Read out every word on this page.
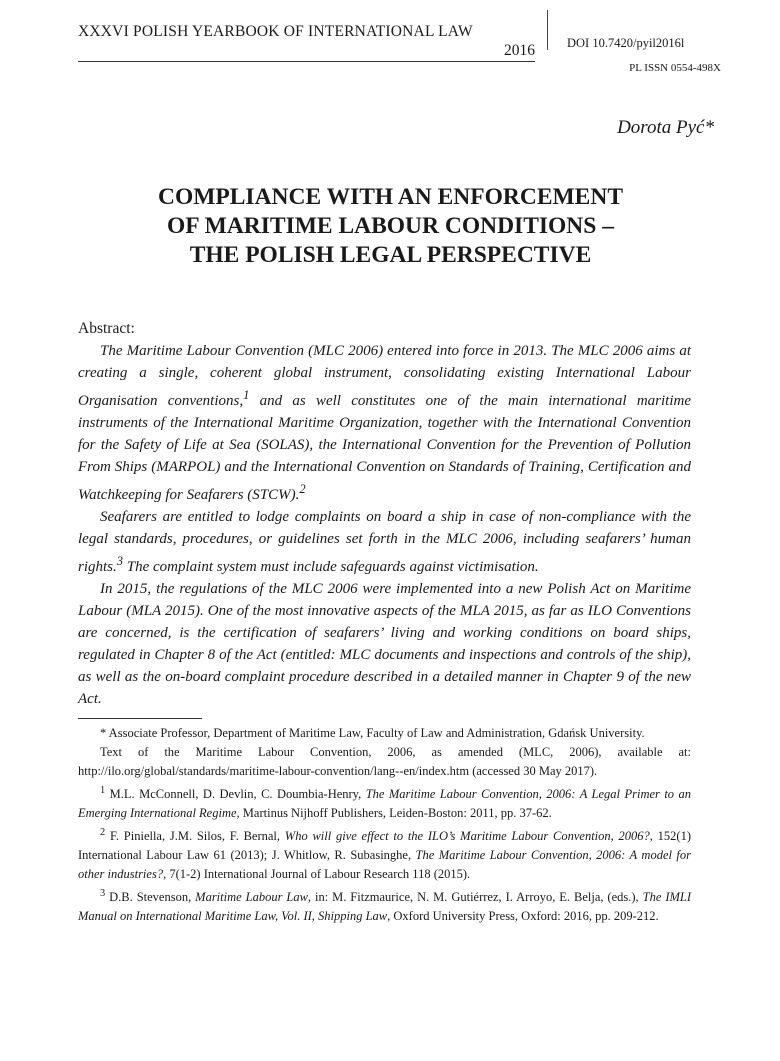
XXXVI POLISH YEARBOOK OF INTERNATIONAL LAW
2016	DOI 10.7420/pyil2016l
PL ISSN 0554-498X
Dorota Pyć*
COMPLIANCE WITH AN ENFORCEMENT
OF MARITIME LABOUR CONDITIONS –
THE POLISH LEGAL PERSPECTIVE
Abstract:

The Maritime Labour Convention (MLC 2006) entered into force in 2013. The MLC 2006 aims at creating a single, coherent global instrument, consolidating existing International Labour Organisation conventions,$^1$ and as well constitutes one of the main international maritime instruments of the International Maritime Organization, together with the International Convention for the Safety of Life at Sea (SOLAS), the International Convention for the Prevention of Pollution From Ships (MARPOL) and the International Convention on Standards of Training, Certification and Watchkeeping for Seafarers (STCW).$^2$

Seafarers are entitled to lodge complaints on board a ship in case of non-compliance with the legal standards, procedures, or guidelines set forth in the MLC 2006, including seafarers’ human rights.$^3$ The complaint system must include safeguards against victimisation.

In 2015, the regulations of the MLC 2006 were implemented into a new Polish Act on Maritime Labour (MLA 2015). One of the most innovative aspects of the MLA 2015, as far as ILO Conventions are concerned, is the certification of seafarers’ living and working conditions on board ships, regulated in Chapter 8 of the Act (entitled: MLC documents and inspections and controls of the ship), as well as the on-board complaint procedure described in a detailed manner in Chapter 9 of the new Act.

* Associate Professor, Department of Maritime Law, Faculty of Law and Administration, Gdańsk University.

Text of the Maritime Labour Convention, 2006, as amended (MLC, 2006), available at: http://ilo.org/global/standards/maritime-labour-convention/lang--en/index.htm (accessed 30 May 2017).

$^1$ M.L. McConnell, D. Devlin, C. Doumbia-Henry, The Maritime Labour Convention, 2006: A Legal Primer to an Emerging International Regime, Martinus Nijhoff Publishers, Leiden-Boston: 2011, pp. 37-62.

$^2$ F. Piniella, J.M. Silos, F. Bernal, Who will give effect to the ILO’s Maritime Labour Convention, 2006?, 152(1) International Labour Law 61 (2013); J. Whitlow, R. Subasinghe, The Maritime Labour Convention, 2006: A model for other industries?, 7(1-2) International Journal of Labour Research 118 (2015).

$^3$ D.B. Stevenson, Maritime Labour Law, in: M. Fitzmaurice, N. M. Gutiérrez, I. Arroyo, E. Belja, (eds.), The IMLI Manual on International Maritime Law, Vol. II, Shipping Law, Oxford University Press, Oxford: 2016, pp. 209-212.
